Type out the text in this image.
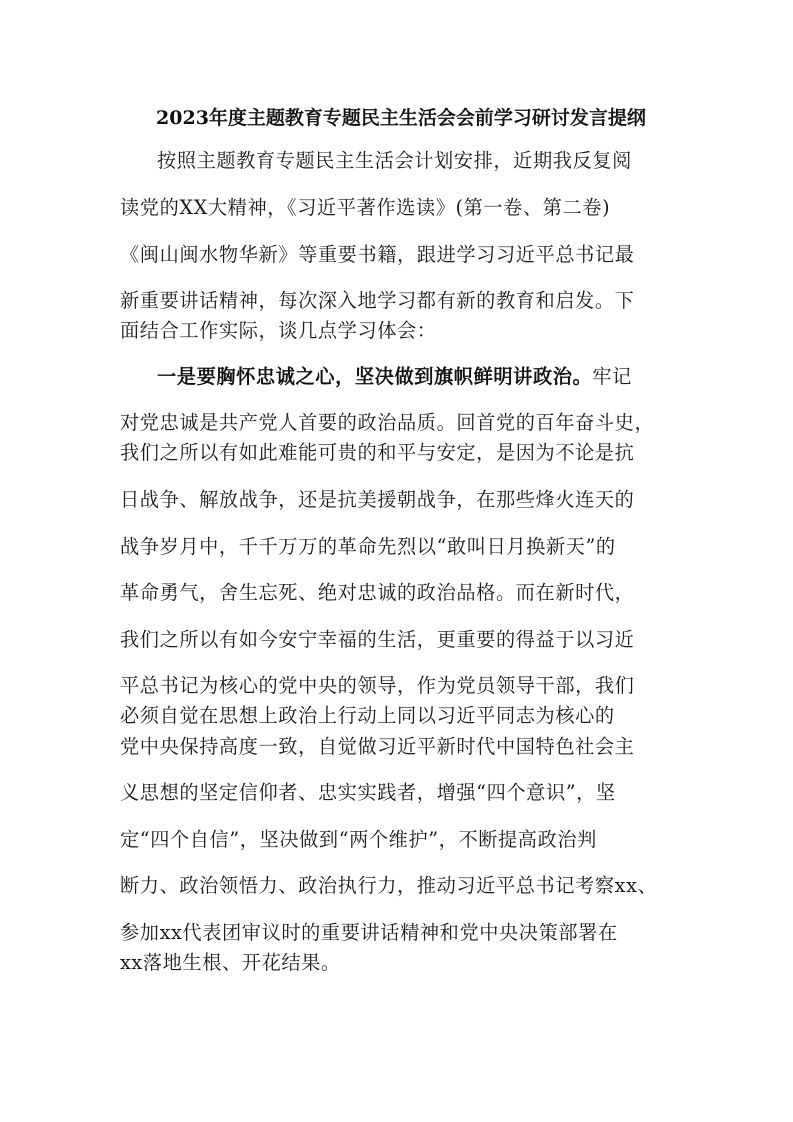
2023年度主题教育专题民主生活会会前学习研讨发言提纲
按照主题教育专题民主生活会计划安排，近期我反复阅
读党的XX大精神，《习近平著作选读》(第一卷、第二卷)
《闽山闽水物华新》等重要书籍，跟进学习习近平总书记最
新重要讲话精神，每次深入地学习都有新的教育和启发。下
面结合工作实际，谈几点学习体会：
一是要胸怀忠诚之心，坚决做到旗帜鲜明讲政治。牢记
对党忠诚是共产党人首要的政治品质。回首党的百年奋斗史，
我们之所以有如此难能可贵的和平与安定，是因为不论是抗
日战争、解放战争，还是抗美援朝战争，在那些烽火连天的
战争岁月中，千千万万的革命先烈以“敢叫日月换新天”的
革命勇气，舍生忘死、绝对忠诚的政治品格。而在新时代，
我们之所以有如今安宁幸福的生活，更重要的得益于以习近
平总书记为核心的党中央的领导，作为党员领导干部，我们
必须自觉在思想上政治上行动上同以习近平同志为核心的
党中央保持高度一致，自觉做习近平新时代中国特色社会主
义思想的坚定信仰者、忠实实践者，增强“四个意识”，坚
定“四个自信”，坚决做到“两个维护”，不断提高政治判
断力、政治领悟力、政治执行力，推动习近平总书记考察xx、
参加xx代表团审议时的重要讲话精神和党中央决策部署在
xx落地生根、开花结果。
